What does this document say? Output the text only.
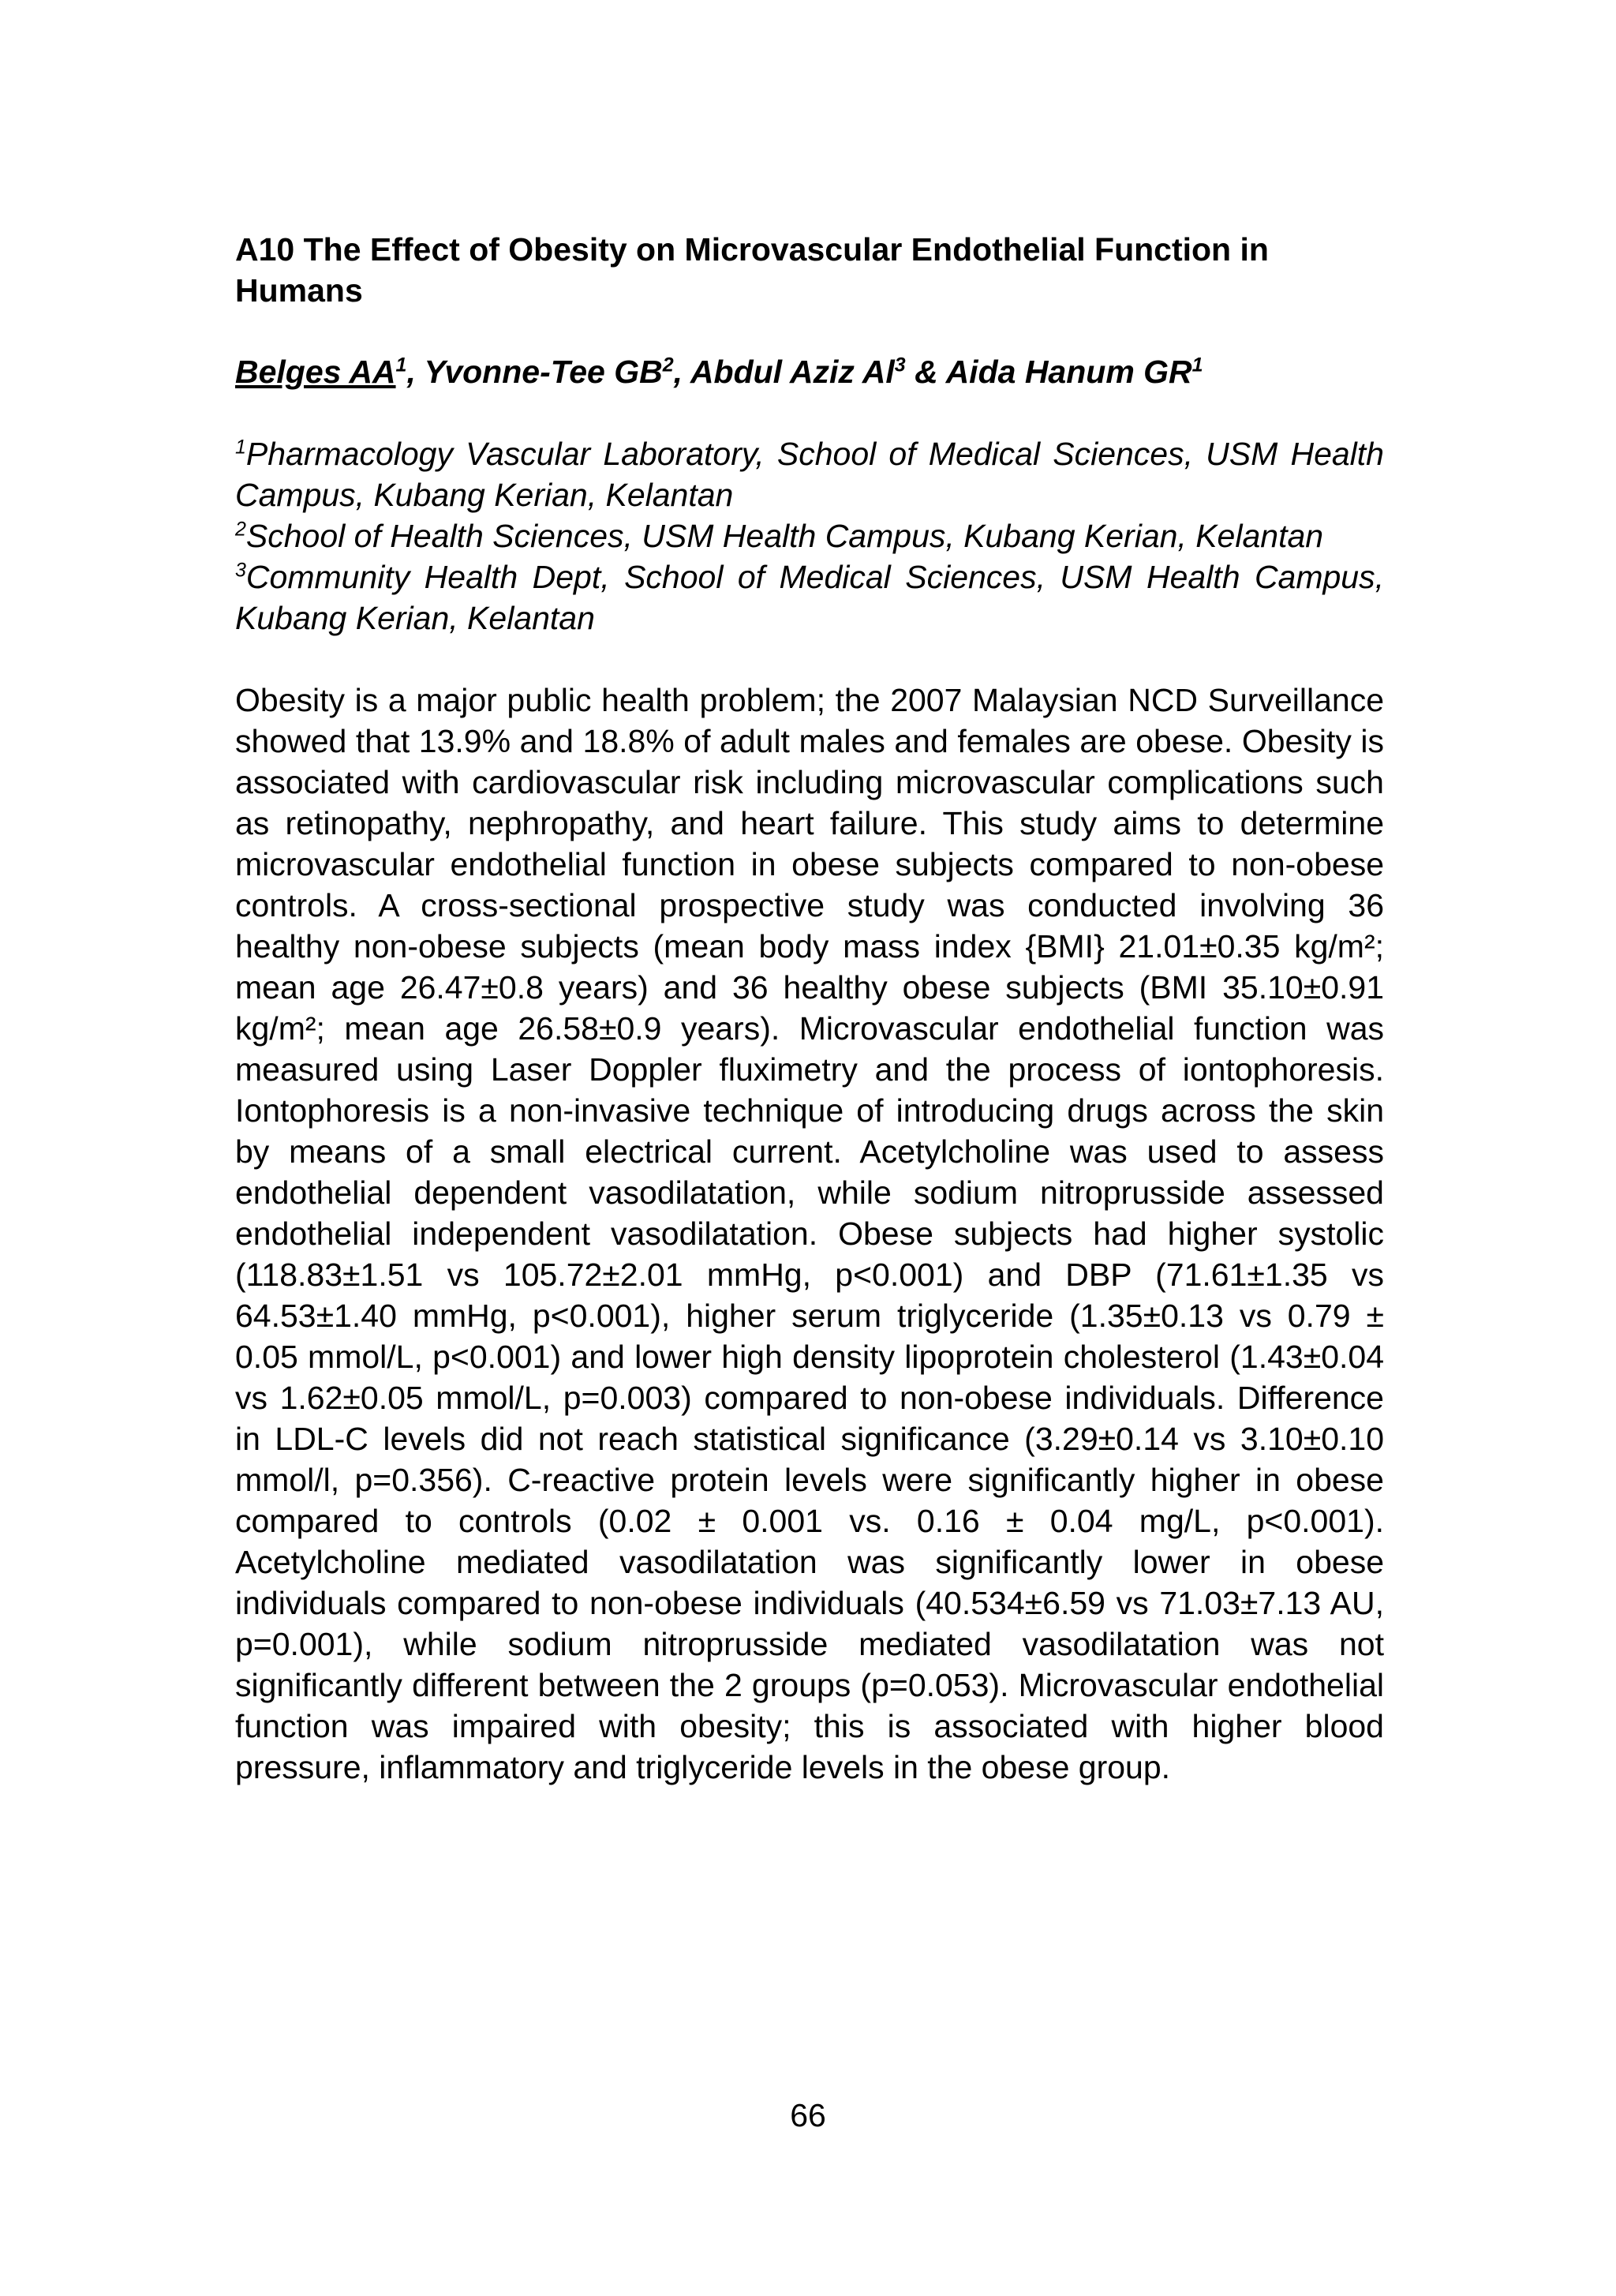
A10 The Effect of Obesity on Microvascular Endothelial Function in Humans
Belges $AA^1$, Yvonne-Tee $GB^2$, Abdul Aziz Al$^3$ & Aida Hanum $GR^1$

$^1$Pharmacology Vascular Laboratory, School of Medical Sciences, USM Health Campus, Kubang Kerian, Kelantan

$^2$School of Health Sciences, USM Health Campus, Kubang Kerian, Kelantan

$^3$Community Health Dept, School of Medical Sciences, USM Health Campus, Kubang Kerian, Kelantan

Obesity is a major public health problem; the 2007 Malaysian NCD Surveillance showed that 13.9% and 18.8% of adult males and females are obese. Obesity is associated with cardiovascular risk including microvascular complications such as retinopathy, nephropathy, and heart failure. This study aims to determine microvascular endothelial function in obese subjects compared to non-obese controls. A cross-sectional prospective study was conducted involving 36 healthy non-obese subjects (mean body mass index {BMI} 21.01±0.35 kg/m²; mean age 26.47±0.8 years) and 36 healthy obese subjects (BMI 35.10±0.91 kg/m²; mean age 26.58±0.9 years). Microvascular endothelial function was measured using Laser Doppler fluximetry and the process of iontophoresis. Iontophoresis is a non-invasive technique of introducing drugs across the skin by means of a small electrical current. Acetylcholine was used to assess endothelial dependent vasodilatation, while sodium nitroprusside assessed endothelial independent vasodilatation. Obese subjects had higher systolic (118.83±1.51 vs 105.72±2.01 mmHg, p<0.001) and DBP (71.61±1.35 vs 64.53±1.40 mmHg, p<0.001), higher serum triglyceride (1.35±0.13 vs 0.79 ± 0.05 mmol/L, p<0.001) and lower high density lipoprotein cholesterol (1.43±0.04 vs 1.62±0.05 mmol/L, p=0.003) compared to non-obese individuals. Difference in LDL-C levels did not reach statistical significance (3.29±0.14 vs 3.10±0.10 mmol/l, p=0.356). C-reactive protein levels were significantly higher in obese compared to controls (0.02 ± 0.001 vs. 0.16 ± 0.04 mg/L, p<0.001). Acetylcholine mediated vasodilatation was significantly lower in obese individuals compared to non-obese individuals (40.534±6.59 vs 71.03±7.13 AU, p=0.001), while sodium nitroprusside mediated vasodilatation was not significantly different between the 2 groups (p=0.053). Microvascular endothelial function was impaired with obesity; this is associated with higher blood pressure, inflammatory and triglyceride levels in the obese group.
66
